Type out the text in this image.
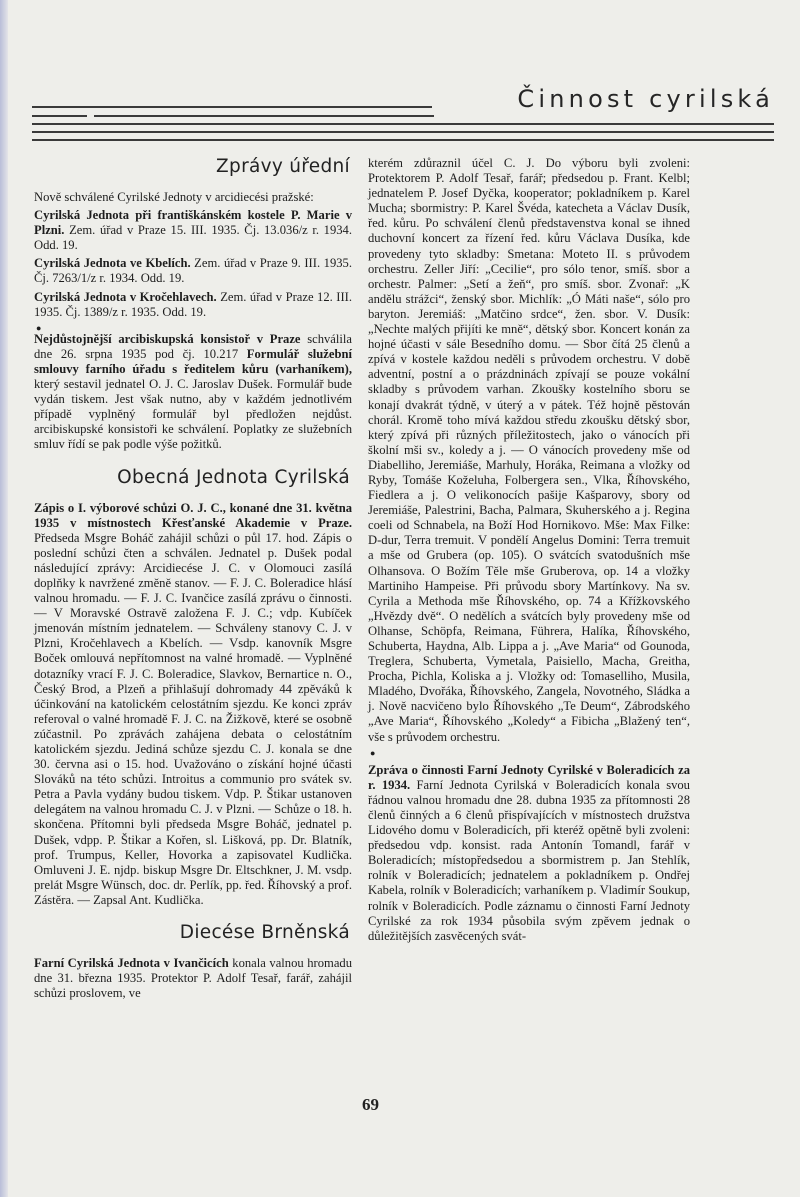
Činnost cyrilská
Zprávy úřední

Nově schválené Cyrilské Jednoty v arcidiecési pražské:

Cyrilská Jednota při františkánském kostele P. Marie v Plzni. Zem. úřad v Praze 15. III. 1935. Čj. 13.036/z r. 1934. Odd. 19.

Cyrilská Jednota ve Kbelích. Zem. úřad v Praze 9. III. 1935. Čj. 7263/1/z r. 1934. Odd. 19.

Cyrilská Jednota v Kročehlavech. Zem. úřad v Praze 12. III. 1935. Čj. 1389/z r. 1935. Odd. 19.

●

Nejdůstojnější arcibiskupská konsistoř v Praze schválila dne 26. srpna 1935 pod čj. 10.217 Formulář služební smlouvy farního úřadu s ředitelem kůru (varhaníkem), který sestavil jednatel O. J. C. Jaroslav Dušek. Formulář bude vydán tiskem. Jest však nutno, aby v každém jednotlivém případě vyplněný formulář byl předložen nejdůst. arcibiskupské konsistoři ke schválení. Poplatky ze služebních smluv řídí se pak podle výše požitků.

Obecná Jednota Cyrilská

Zápis o I. výborové schůzi O. J. C., konané dne 31. května 1935 v místnostech Křesťanské Akademie v Praze. Předseda Msgre Boháč zahájil schůzi o půl 17. hod. Zápis o poslední schůzi čten a schválen. Jednatel p. Dušek podal následující zprávy: Arcidiecése J. C. v Olomouci zasílá doplňky k navržené změně stanov. — F. J. C. Boleradice hlásí valnou hromadu. — F. J. C. Ivančice zasílá zprávu o činnosti. — V Moravské Ostravě založena F. J. C.; vdp. Kubíček jmenován místním jednatelem. — Schváleny stanovy C. J. v Plzni, Kročehlavech a Kbelích. — Vsdp. kanovník Msgre Boček omlouvá nepřítomnost na valné hromadě. — Vyplněné dotazníky vrací F. J. C. Boleradice, Slavkov, Bernartice n. O., Český Brod, a Plzeň a přihlašují dohromady 44 zpěváků k účinkování na katolickém celostátním sjezdu. Ke konci zpráv referoval o valné hromadě F. J. C. na Žižkově, které se osobně zúčastnil. Po zprávách zahájena debata o celostátním katolickém sjezdu. Jediná schůze sjezdu C. J. konala se dne 30. června asi o 15. hod. Uvažováno o získání hojné účasti Slováků na této schůzi. Introitus a communio pro svátek sv. Petra a Pavla vydány budou tiskem. Vdp. P. Štikar ustanoven delegátem na valnou hromadu C. J. v Plzni. — Schůze o 18. h. skončena. Přítomni byli předseda Msgre Boháč, jednatel p. Dušek, vdpp. P. Štikar a Kořen, sl. Lišková, pp. Dr. Blatník, prof. Trumpus, Keller, Hovorka a zapisovatel Kudlička. Omluveni J. E. njdp. biskup Msgre Dr. Eltschkner, J. M. vsdp. prelát Msgre Wünsch, doc. dr. Perlík, pp. řed. Říhovský a prof. Zástěra. — Zapsal Ant. Kudlička.

Diecése Brněnská

Farní Cyrilská Jednota v Ivančicích konala valnou hromadu dne 31. března 1935. Protektor P. Adolf Tesař, farář, zahájil schůzi proslovem, ve

kterém zdůraznil účel C. J. Do výboru byli zvoleni: Protektorem P. Adolf Tesař, farář; předsedou p. Frant. Kelbl; jednatelem P. Josef Dyčka, kooperator; pokladníkem p. Karel Mucha; sbormistry: P. Karel Švéda, katecheta a Václav Dusík, řed. kůru. Po schválení členů představenstva konal se ihned duchovní koncert za řízení řed. kůru Václava Dusíka, kde provedeny tyto skladby: Smetana: Moteto II. s průvodem orchestru. Zeller Jiří: „Cecilie“, pro sólo tenor, smíš. sbor a orchestr. Palmer: „Setí a žeň“, pro smíš. sbor. Zvonař: „K andělu strážci“, ženský sbor. Michlík: „Ó Máti naše“, sólo pro baryton. Jeremiáš: „Matčino srdce“, žen. sbor. V. Dusík: „Nechte malých přijíti ke mně“, dětský sbor. Koncert konán za hojné účasti v sále Besedního domu. — Sbor čítá 25 členů a zpívá v kostele každou neděli s průvodem orchestru. V době adventní, postní a o prázdninách zpívají se pouze vokální skladby s průvodem varhan. Zkoušky kostelního sboru se konají dvakrát týdně, v úterý a v pátek. Též hojně pěstován chorál. Kromě toho mívá každou středu zkoušku dětský sbor, který zpívá při různých příležitostech, jako o vánocích při školní mši sv., koledy a j. — O vánocích provedeny mše od Diabelliho, Jeremiáše, Marhuly, Horáka, Reimana a vložky od Ryby, Tomáše Koželuha, Folbergera sen., Vlka, Říhovského, Fiedlera a j. O velikonocích pašije Kašparovy, sbory od Jeremiáše, Palestrini, Bacha, Palmara, Skuherského a j. Regina coeli od Schnabela, na Boží Hod Hornikovo. Mše: Max Filke: D-dur, Terra tremuit. V pondělí Angelus Domini: Terra tremuit a mše od Grubera (op. 105). O svátcích svatodušních mše Olhansova. O Božím Těle mše Gruberova, op. 14 a vložky Martiniho Hampeise. Při průvodu sbory Martínkovy. Na sv. Cyrila a Methoda mše Říhovského, op. 74 a Křížkovského „Hvězdy dvě“. O nedělích a svátcích byly provedeny mše od Olhanse, Schöpfa, Reimana, Führera, Halíka, Říhovského, Schuberta, Haydna, Alb. Lippa a j. „Ave Maria“ od Gounoda, Treglera, Schuberta, Vymetala, Paisiello, Macha, Greitha, Procha, Pichla, Koliska a j. Vložky od: Tomaselliho, Musila, Mladého, Dvořáka, Říhovského, Zangela, Novotného, Sládka a j. Nově nacvičeno bylo Říhovského „Te Deum“, Zábrodského „Ave Maria“, Říhovského „Koledy“ a Fibicha „Blažený ten“, vše s průvodem orchestru.

●

Zpráva o činnosti Farní Jednoty Cyrilské v Boleradicích za r. 1934. Farní Jednota Cyrilská v Boleradicích konala svou řádnou valnou hromadu dne 28. dubna 1935 za přítomnosti 28 členů činných a 6 členů přispívajících v místnostech družstva Lidového domu v Boleradicích, při kteréž opětně byli zvoleni: předsedou vdp. konsist. rada Antonín Tomandl, farář v Boleradicích; místopředsedou a sbormistrem p. Jan Stehlík, rolník v Boleradicích; jednatelem a pokladníkem p. Ondřej Kabela, rolník v Boleradicích; varhaníkem p. Vladimír Soukup, rolník v Boleradicích. Podle záznamu o činnosti Farní Jednoty Cyrilské za rok 1934 působila svým zpěvem jednak o důležitějších zasvěcených svát-

69
